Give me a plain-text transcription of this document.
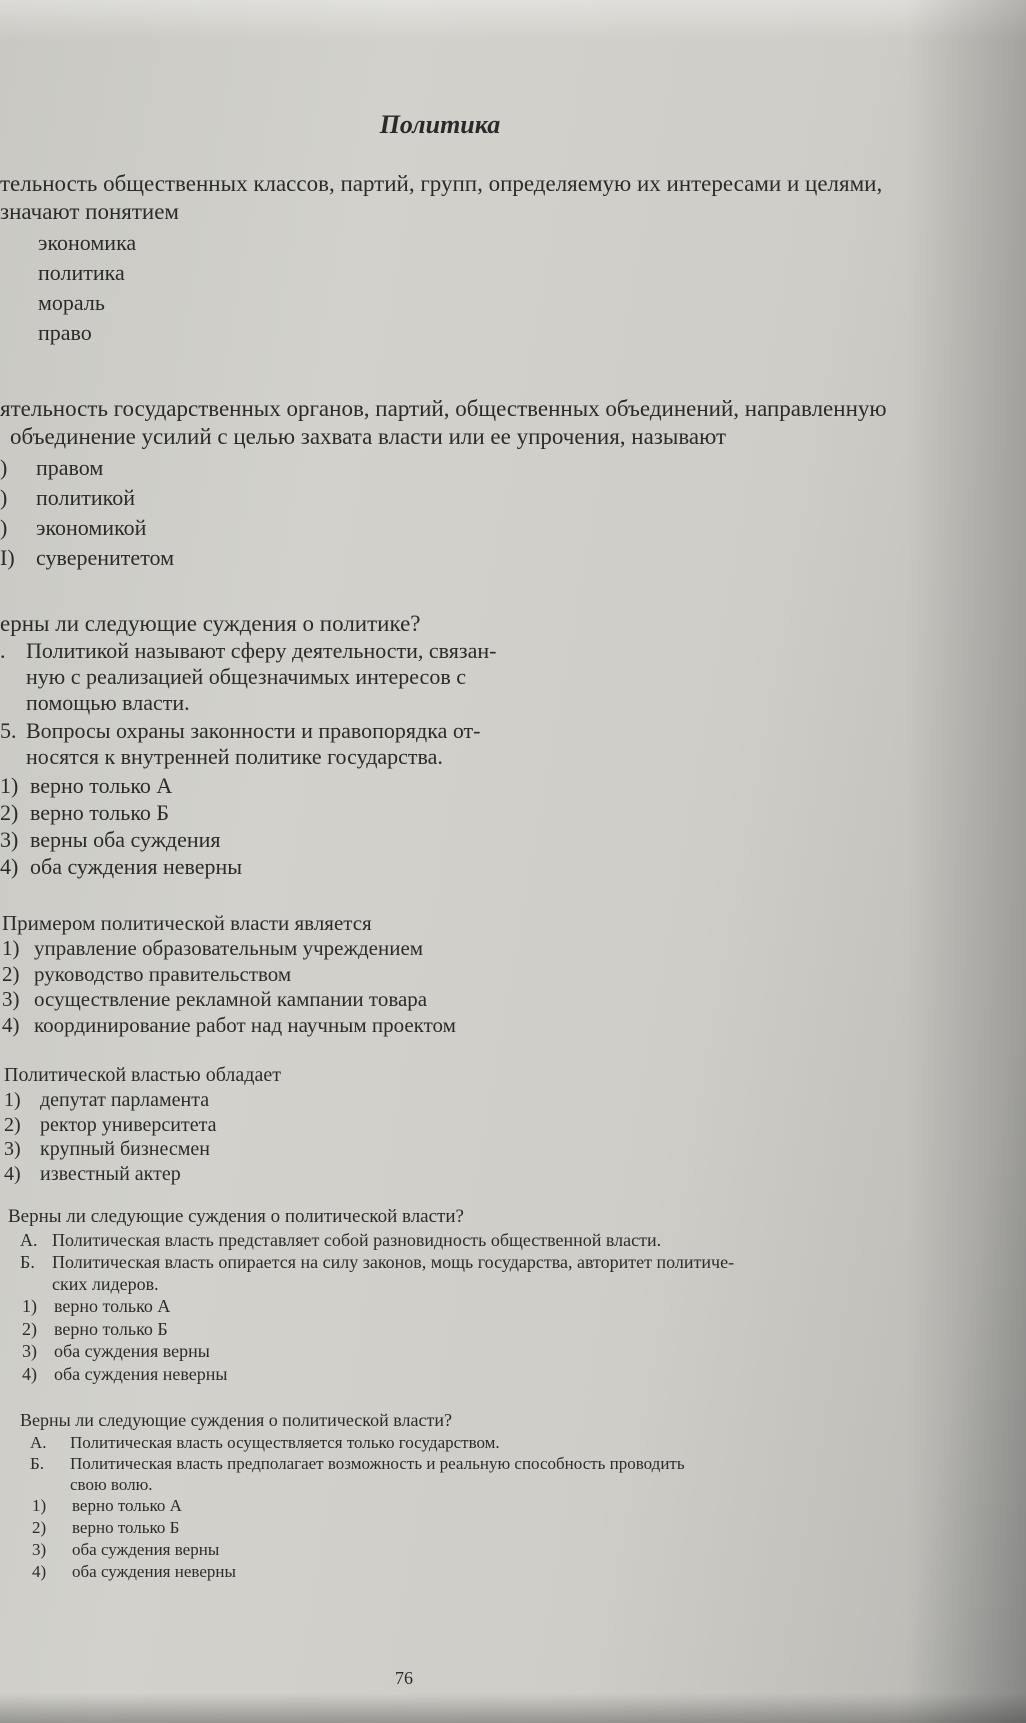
Политика

тельность общественных классов, партий, групп, определяемую их интересами и целями,

значают понятием

экономика

политика

мораль

право

ятельность государственных органов, партий, общественных объединений, направленную

объединение усилий с целью захвата власти или ее упрочения, называют

) правом

) политикой

) экономикой

I) суверенитетом

ерны ли следующие суждения о политике?

. Политикой называют сферу деятельности, связан-
ную с реализацией общезначимых интересов с
помощью власти.
5. Вопросы охраны законности и правопорядка от-
носятся к внутренней политике государства.

1) верно только А

2) верно только Б

3) верны оба суждения

4) оба суждения неверны

Примером политической власти является

1) управление образовательным учреждением

2) руководство правительством

3) осуществление рекламной кампании товара

4) координирование работ над научным проектом

Политической властью обладает

1) депутат парламента

2) ректор университета

3) крупный бизнесмен

4) известный актер

Верны ли следующие суждения о политической власти?

А. Политическая власть представляет собой разновидность общественной власти.
Б. Политическая власть опирается на силу законов, мощь государства, авторитет политиче-
ских лидеров.

1) верно только А

2) верно только Б

3) оба суждения верны

4) оба суждения неверны

Верны ли следующие суждения о политической власти?

А.	Политическая власть осуществляется только государством.
Б.	Политическая власть предполагает возможность и реальную способность проводить
свою волю.

1) верно только А

2) верно только Б

3) оба суждения верны

4) оба суждения неверны

76
